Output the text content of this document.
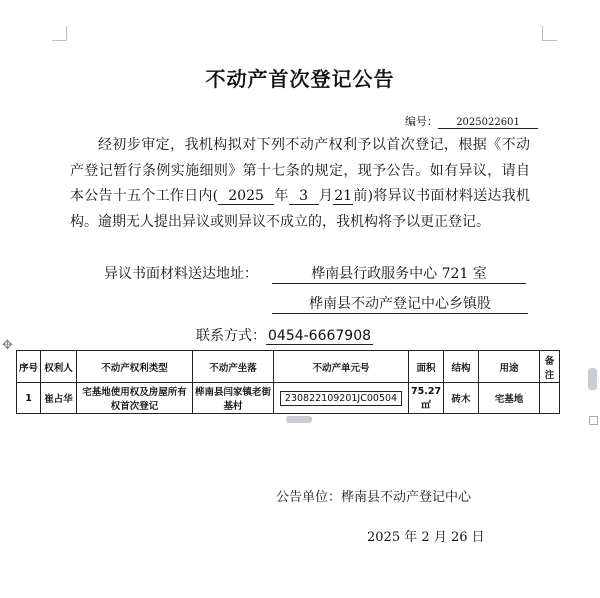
不动产首次登记公告
编号： 2025022601
经初步审定，我机构拟对下列不动产权利予以首次登记，根据《不动产登记暂行条例实施细则》第十七条的规定，现予公告。如有异议，请自本公告十五个工作日内( 2025 年 3 月21前)将异议书面材料送达我机构。逾期无人提出异议或则异议不成立的，我机构将予以更正登记。
异议书面材料送达地址：	桦南县行政服务中心 721 室
桦南县不动产登记中心乡镇股
联系方式： 0454-6667908
✥
序号	权利人	不动产权利类型	不动产坐落	不动产单元号	面积	结构	用途	备注
1	崔占华	宅基地使用权及房屋所有权首次登记	桦南县闫家镇老街基村	230822109201JC00504	75.27㎡	砖木	宅基地	
公告单位：桦南县不动产登记中心
2025 年 2 月 26 日
